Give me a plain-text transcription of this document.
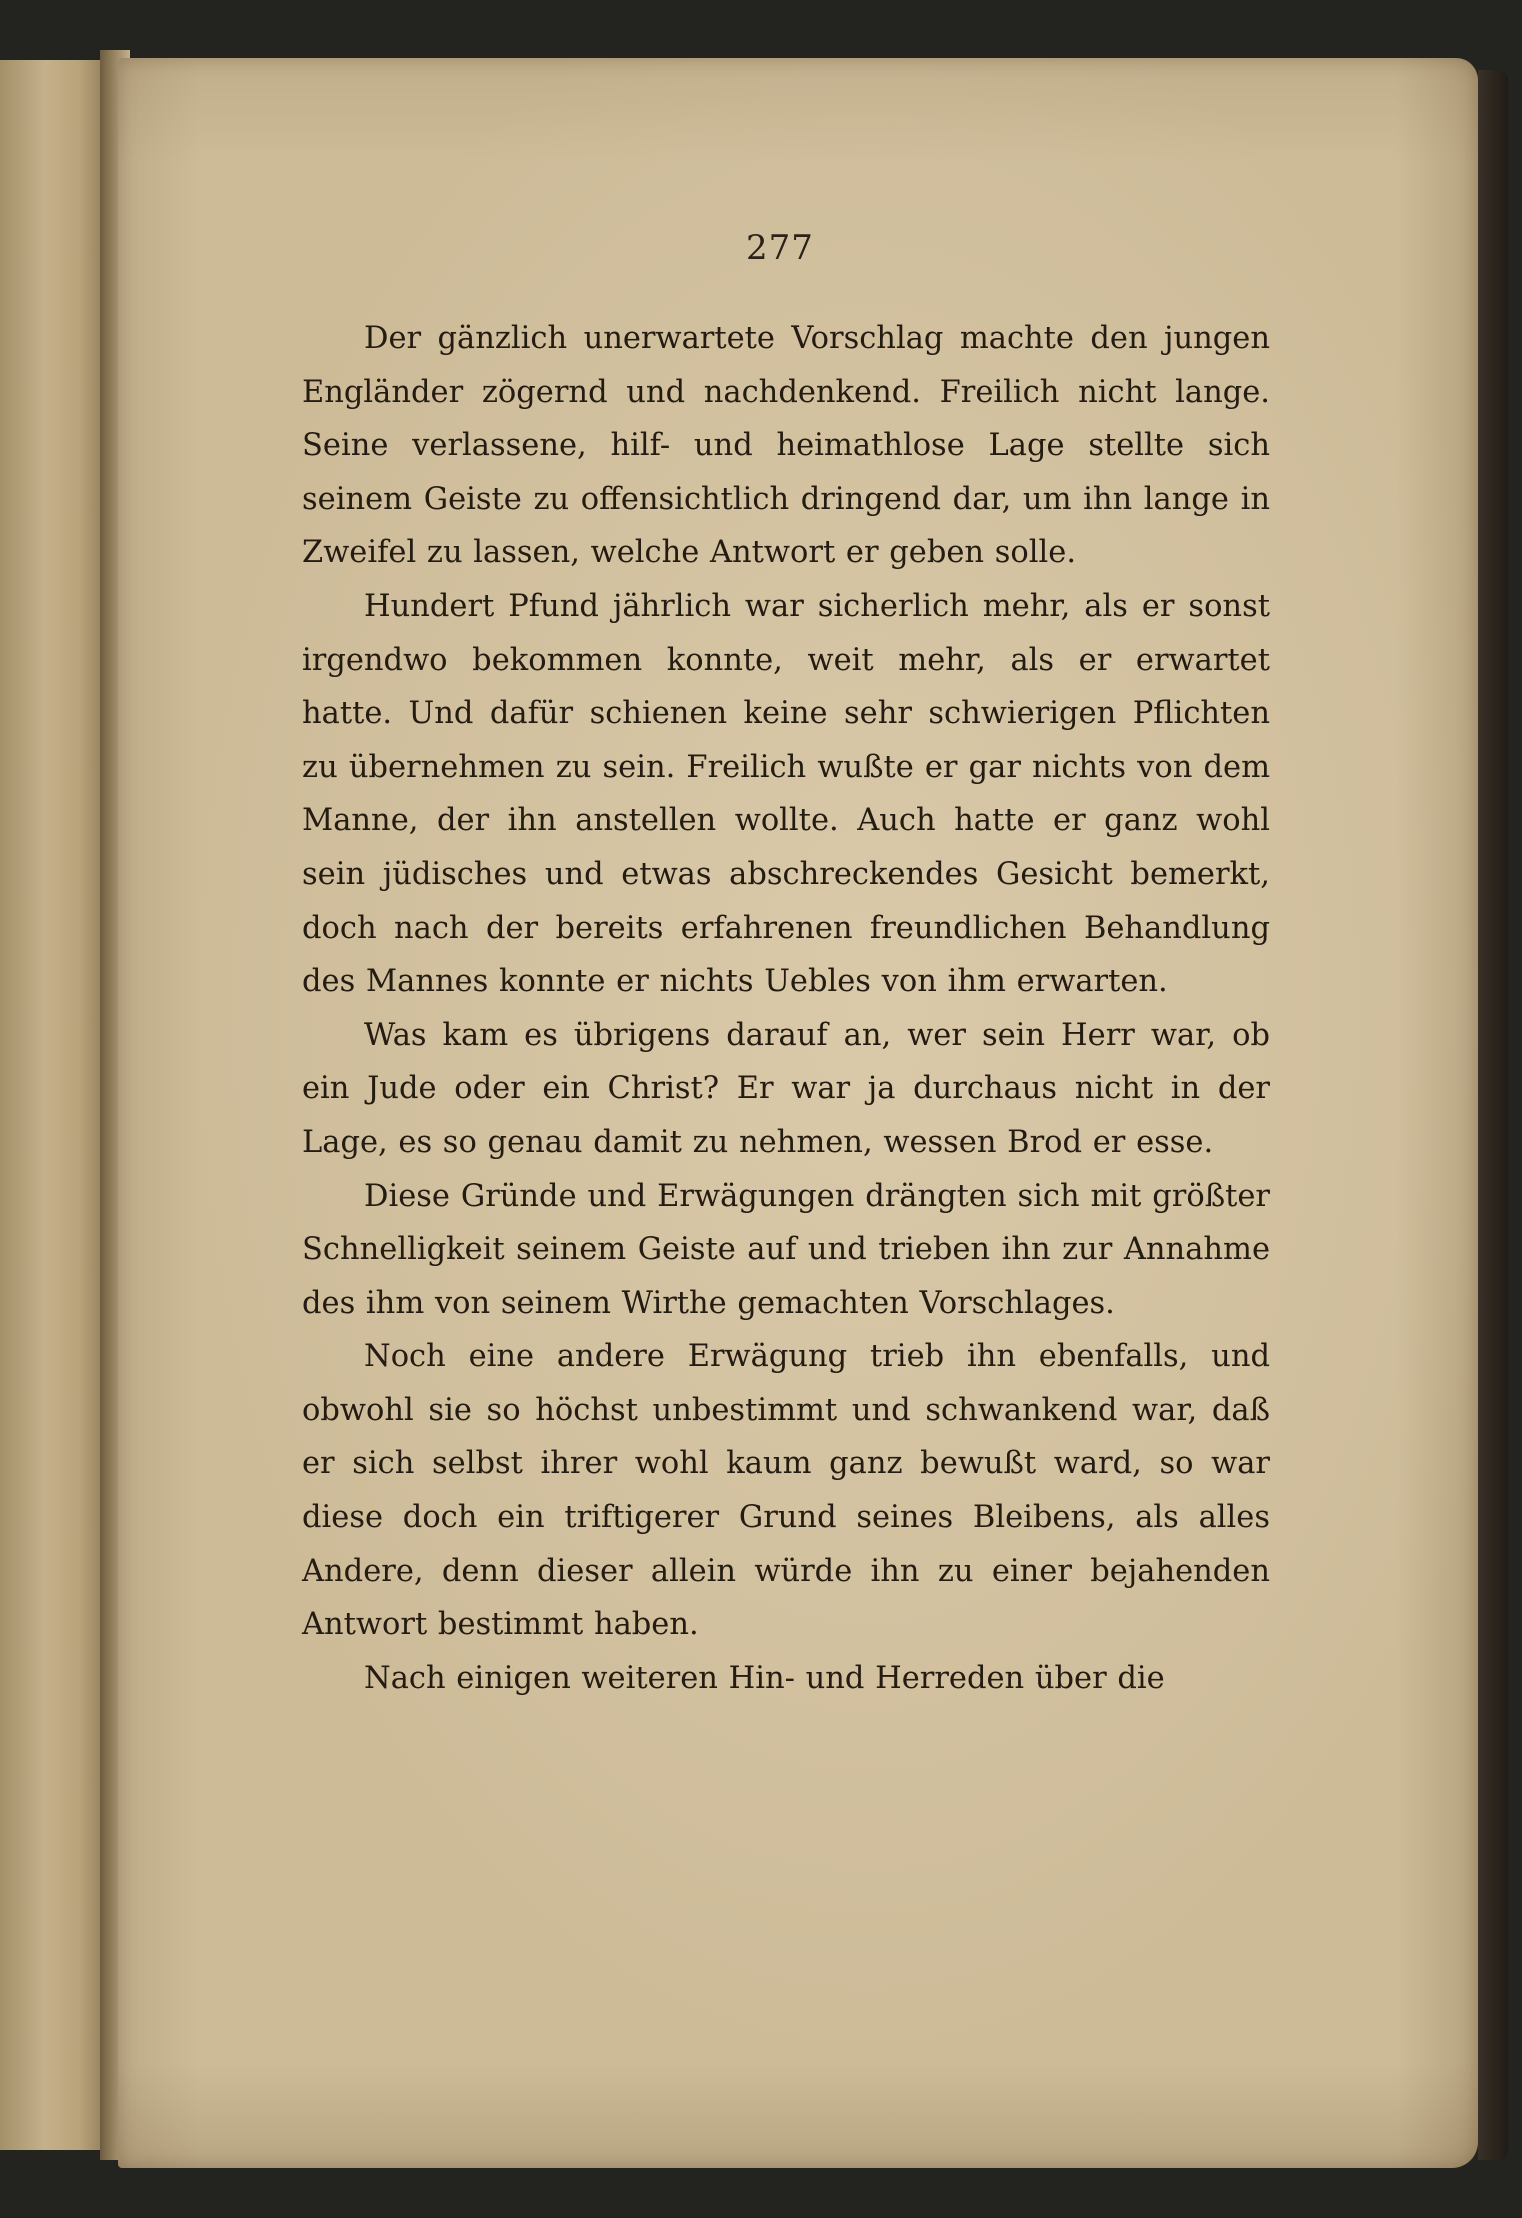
277

Der gänzlich unerwartete Vorschlag machte den jungen Engländer zögernd und nachdenkend. Freilich nicht lange. Seine verlassene, hilf- und heimathlose Lage stellte sich seinem Geiste zu offensichtlich dringend dar, um ihn lange in Zweifel zu lassen, welche Antwort er geben solle.

Hundert Pfund jährlich war sicherlich mehr, als er sonst irgendwo bekommen konnte, weit mehr, als er erwartet hatte. Und dafür schienen keine sehr schwierigen Pflichten zu übernehmen zu sein. Freilich wußte er gar nichts von dem Manne, der ihn anstellen wollte. Auch hatte er ganz wohl sein jüdisches und etwas abschreckendes Gesicht bemerkt, doch nach der bereits erfahrenen freundlichen Behandlung des Mannes konnte er nichts Uebles von ihm erwarten.

Was kam es übrigens darauf an, wer sein Herr war, ob ein Jude oder ein Christ? Er war ja durchaus nicht in der Lage, es so genau damit zu nehmen, wessen Brod er esse.

Diese Gründe und Erwägungen drängten sich mit größter Schnelligkeit seinem Geiste auf und trieben ihn zur Annahme des ihm von seinem Wirthe gemachten Vorschlages.

Noch eine andere Erwägung trieb ihn ebenfalls, und obwohl sie so höchst unbestimmt und schwankend war, daß er sich selbst ihrer wohl kaum ganz bewußt ward, so war diese doch ein triftigerer Grund seines Bleibens, als alles Andere, denn dieser allein würde ihn zu einer bejahenden Antwort bestimmt haben.

Nach einigen weiteren Hin- und Herreden über die
